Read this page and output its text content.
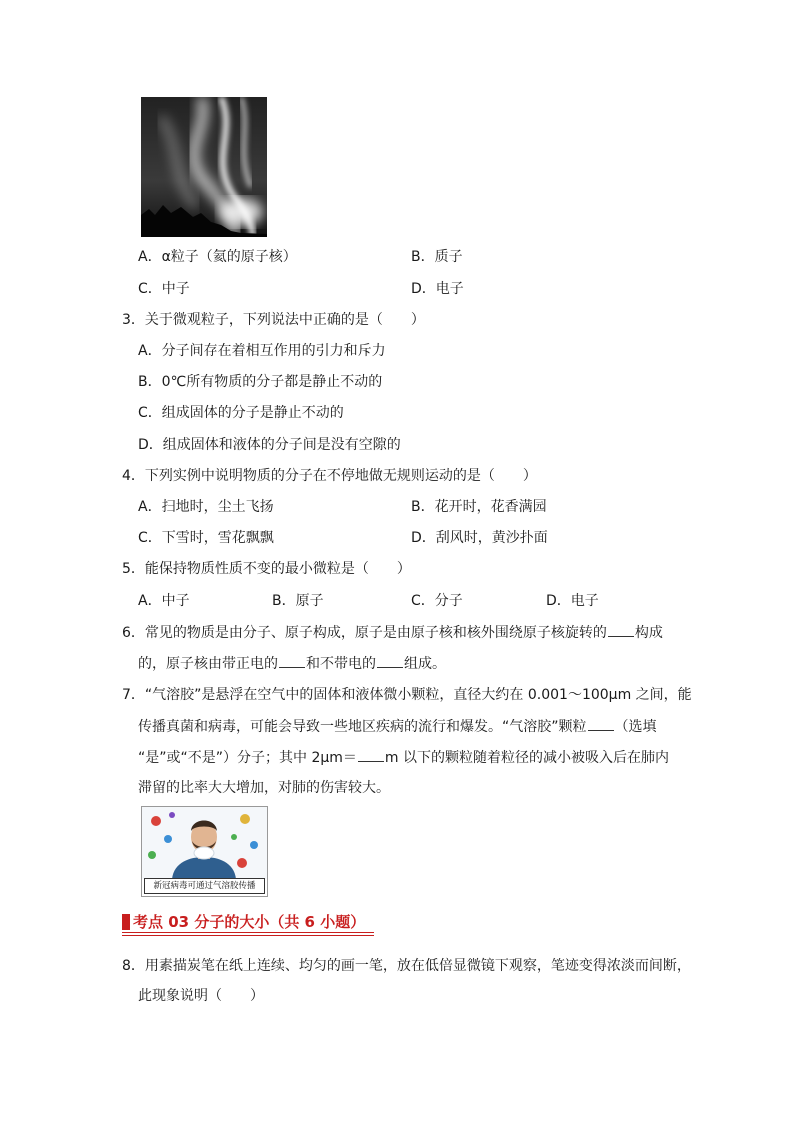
A．α粒子（氦的原子核）	B．质子
C．中子	D．电子
3．关于微观粒子，下列说法中正确的是（　　）
A．分子间存在着相互作用的引力和斥力
B．0℃所有物质的分子都是静止不动的
C．组成固体的分子是静止不动的
D．组成固体和液体的分子间是没有空隙的
4．下列实例中说明物质的分子在不停地做无规则运动的是（　　）
A．扫地时，尘土飞扬	B．花开时，花香满园
C．下雪时，雪花飘飘	D．刮风时，黄沙扑面
5．能保持物质性质不变的最小微粒是（　　）
A．中子	B．原子	C．分子	D．电子
6．常见的物质是由分子、原子构成，原子是由原子核和核外围绕原子核旋转的 构成
的，原子核由带正电的 和不带电的 组成。
7．“气溶胶”是悬浮在空气中的固体和液体微小颗粒，直径大约在 0.001～100μm 之间，能
传播真菌和病毒，可能会导致一些地区疾病的流行和爆发。“气溶胶”颗粒 （选填
“是”或“不是”）分子；其中 2μm＝ m 以下的颗粒随着粒径的减小被吸入后在肺内
滞留的比率大大增加，对肺的伤害较大。
新冠病毒可通过气溶胶传播
考点 03 分子的大小（共 6 小题）
8．用素描炭笔在纸上连续、均匀的画一笔，放在低倍显微镜下观察，笔迹变得浓淡而间断，
此现象说明（　　）
